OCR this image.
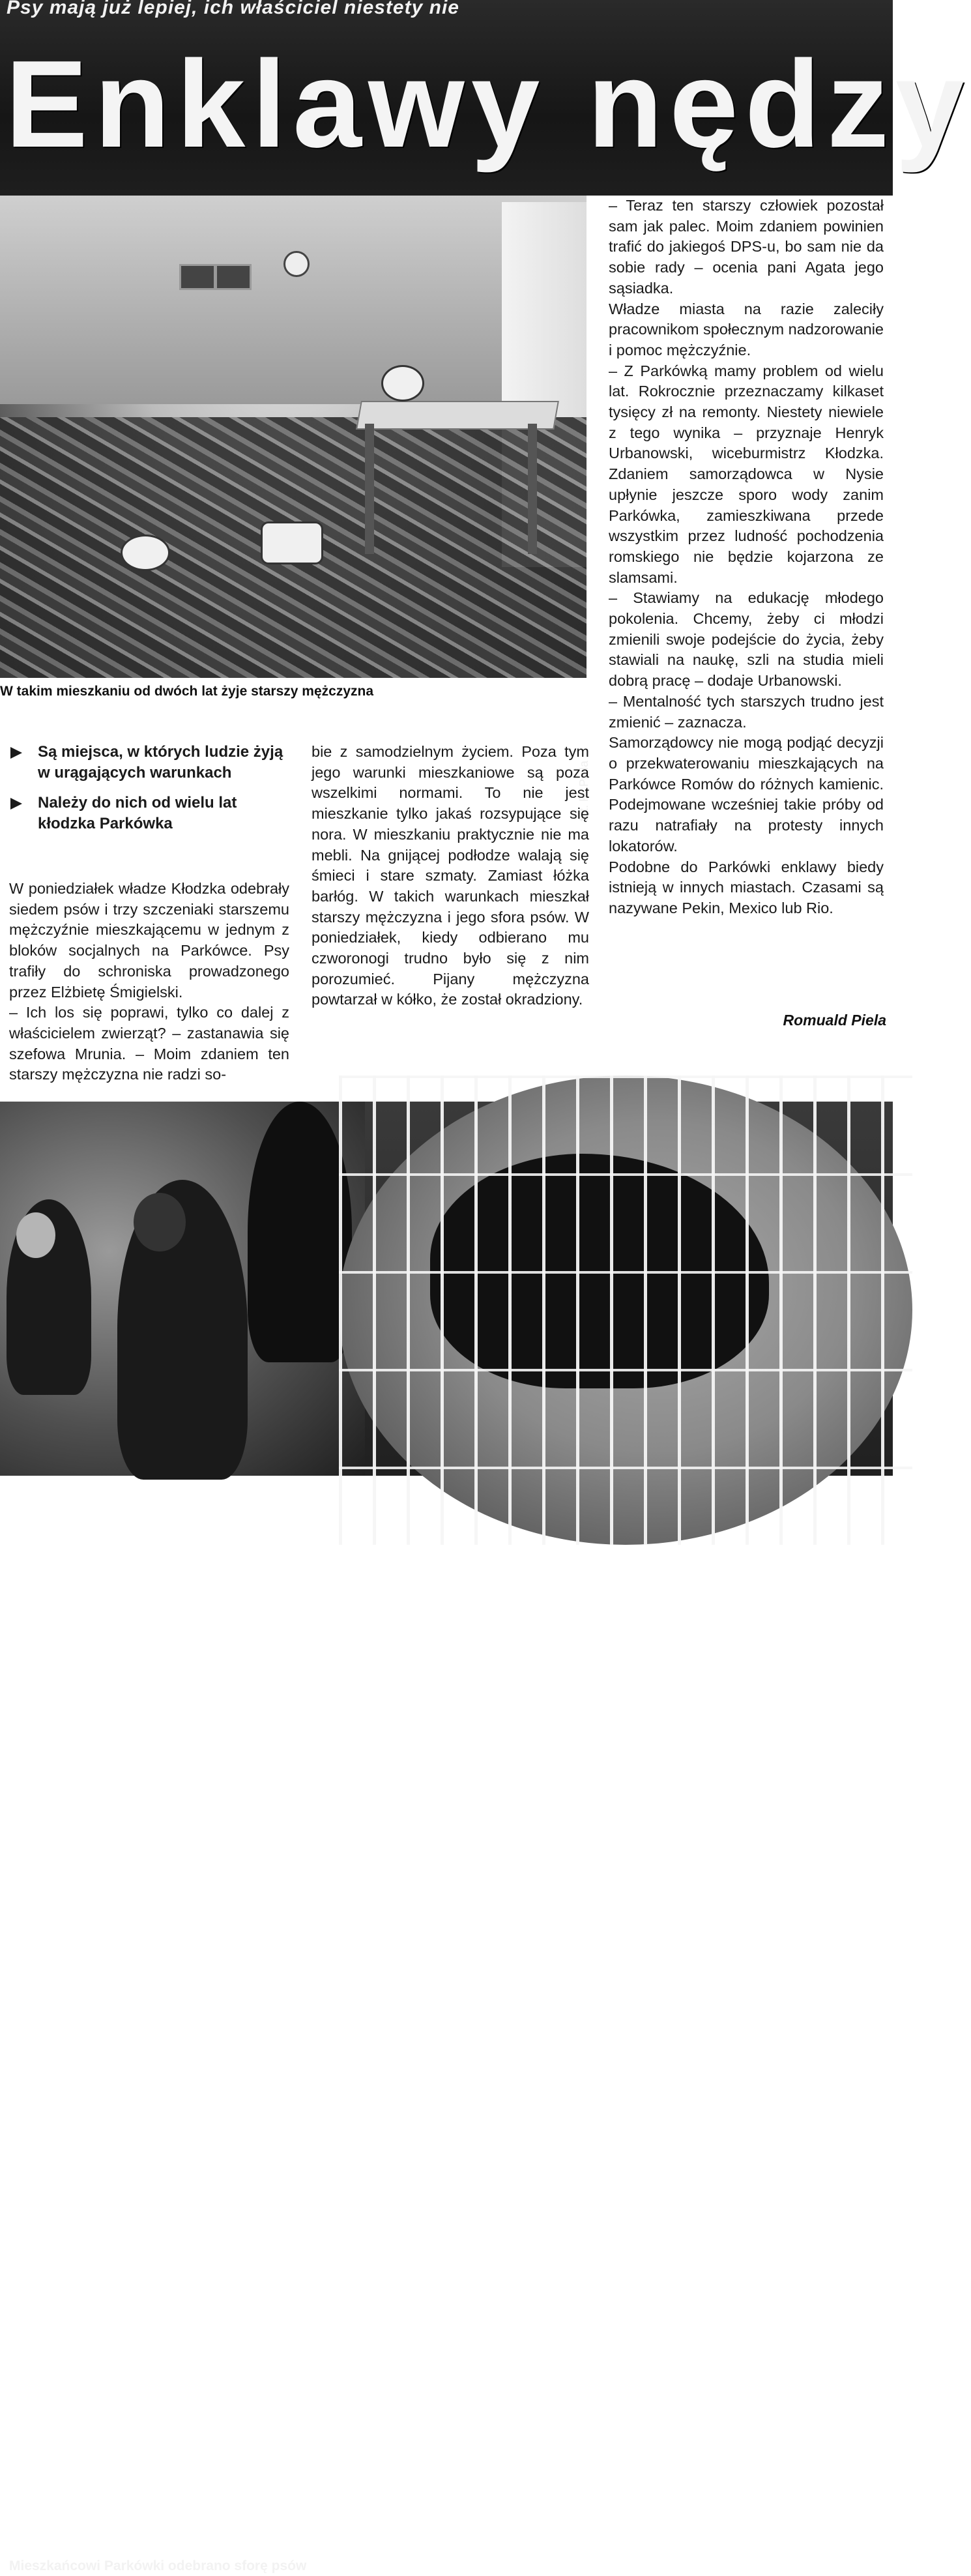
Psy mają już lepiej, ich właściciel niestety nie
Enklawy nędzy
fot. R. Piela
W takim mieszkaniu od dwóch lat żyje starszy mężczyzna
Są miejsca, w których ludzie żyją w urągających warunkach
Należy do nich od wielu lat kłodzka Parkówka

W poniedziałek władze Kłodzka odebrały siedem psów i trzy szczeniaki starszemu mężczyźnie mieszkającemu w jednym z bloków socjalnych na Parkówce. Psy trafiły do schroniska prowadzonego przez Elżbietę Śmigielski.

– Ich los się poprawi, tylko co dalej z właścicielem zwierząt? – zastanawia się szefowa Mrunia. – Moim zdaniem ten starszy mężczyzna nie radzi so-

bie z samodzielnym życiem. Poza tym jego warunki mieszkaniowe są poza wszelkimi normami. To nie jest mieszkanie tylko jakaś rozsypujące się nora. W mieszkaniu praktycznie nie ma mebli. Na gnijącej podłodze walają się śmieci i stare szmaty. Zamiast łóżka barłóg. W takich warunkach mieszkał starszy mężczyzna i jego sfora psów. W poniedziałek, kiedy odbierano mu czworonogi trudno było się z nim porozumieć. Pijany mężczyzna powtarzał w kółko, że został okradziony.

– Teraz ten starszy człowiek pozostał sam jak palec. Moim zdaniem powinien trafić do jakiegoś DPS-u, bo sam nie da sobie rady – ocenia pani Agata jego sąsiadka.

Władze miasta na razie zaleciły pracownikom społecznym nadzorowanie i pomoc mężczyźnie.

– Z Parkówką mamy problem od wielu lat. Rokrocznie przeznaczamy kilkaset tysięcy zł na remonty. Niestety niewiele z tego wynika – przyznaje Henryk Urbanowski, wiceburmistrz Kłodzka. Zdaniem samorządowca w Nysie upłynie jeszcze sporo wody zanim Parkówka, zamieszkiwana przede wszystkim przez ludność pochodzenia romskiego nie będzie kojarzona ze slamsami.

– Stawiamy na edukację młodego pokolenia. Chcemy, żeby ci młodzi zmienili swoje podejście do życia, żeby stawiali na naukę, szli na studia mieli dobrą pracę – dodaje Urbanowski.

– Mentalność tych starszych trudno jest zmienić – zaznacza.

Samorządowcy nie mogą podjąć decyzji o przekwaterowaniu mieszkających na Parkówce Romów do różnych kamienic. Podejmowane wcześniej takie próby od razu natrafiały na protesty innych lokatorów.

Podobne do Parkówki enklawy biedy istnieją w innych miastach. Czasami są nazywane Pekin, Mexico lub Rio.

Romuald Piela
Mieszkańcowi Parkówki odebrano sforę psów
